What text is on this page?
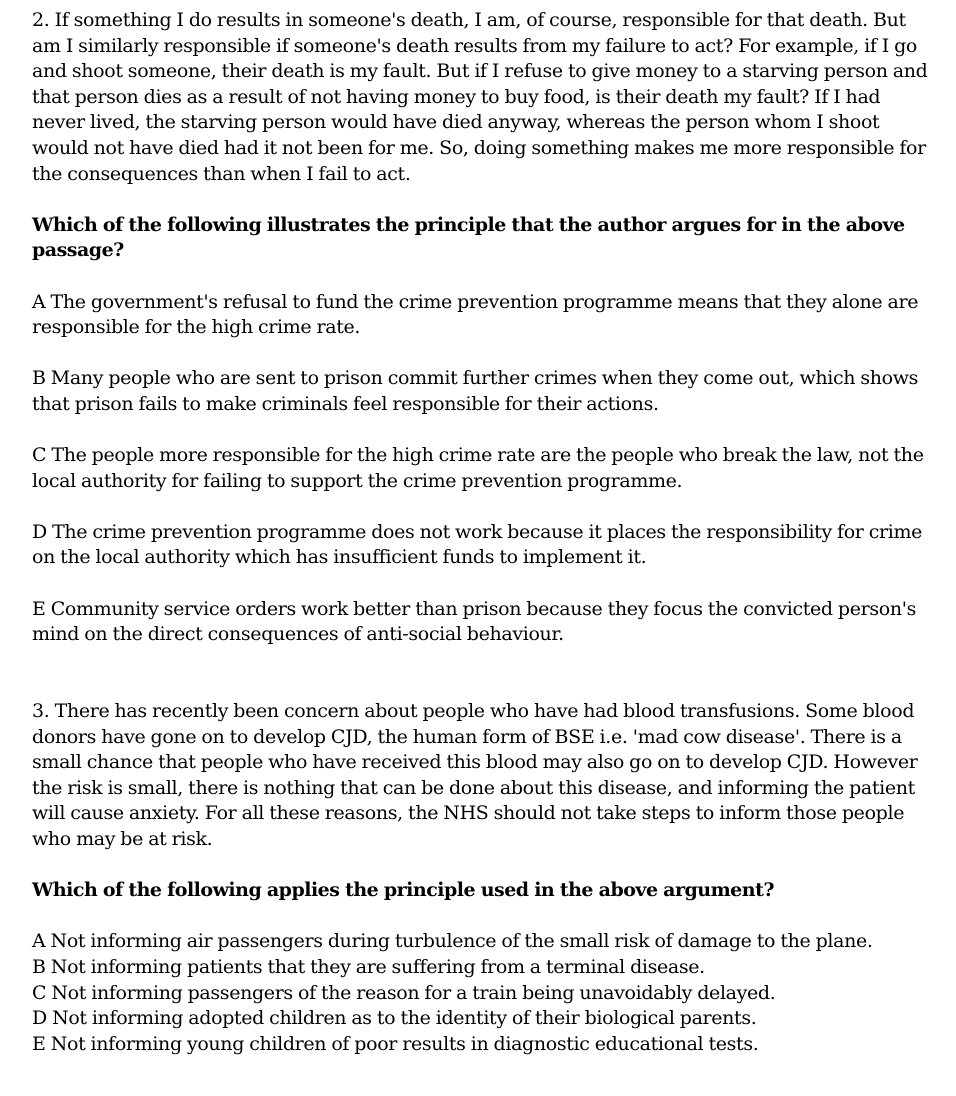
2. If something I do results in someone's death, I am, of course, responsible for that death. But am I similarly responsible if someone's death results from my failure to act? For example, if I go and shoot someone, their death is my fault. But if I refuse to give money to a starving person and that person dies as a result of not having money to buy food, is their death my fault? If I had never lived, the starving person would have died anyway, whereas the person whom I shoot would not have died had it not been for me. So, doing something makes me more responsible for the consequences than when I fail to act.

Which of the following illustrates the principle that the author argues for in the above passage?

A The government's refusal to fund the crime prevention programme means that they alone are responsible for the high crime rate.

B Many people who are sent to prison commit further crimes when they come out, which shows that prison fails to make criminals feel responsible for their actions.

C The people more responsible for the high crime rate are the people who break the law, not the local authority for failing to support the crime prevention programme.

D The crime prevention programme does not work because it places the responsibility for crime on the local authority which has insufficient funds to implement it.

E Community service orders work better than prison because they focus the convicted person's mind on the direct consequences of anti-social behaviour.

3. There has recently been concern about people who have had blood transfusions. Some blood donors have gone on to develop CJD, the human form of BSE i.e. 'mad cow disease'. There is a small chance that people who have received this blood may also go on to develop CJD. However the risk is small, there is nothing that can be done about this disease, and informing the patient will cause anxiety. For all these reasons, the NHS should not take steps to inform those people who may be at risk.

Which of the following applies the principle used in the above argument?

A Not informing air passengers during turbulence of the small risk of damage to the plane.

B Not informing patients that they are suffering from a terminal disease.

C Not informing passengers of the reason for a train being unavoidably delayed.

D Not informing adopted children as to the identity of their biological parents.

E Not informing young children of poor results in diagnostic educational tests.
